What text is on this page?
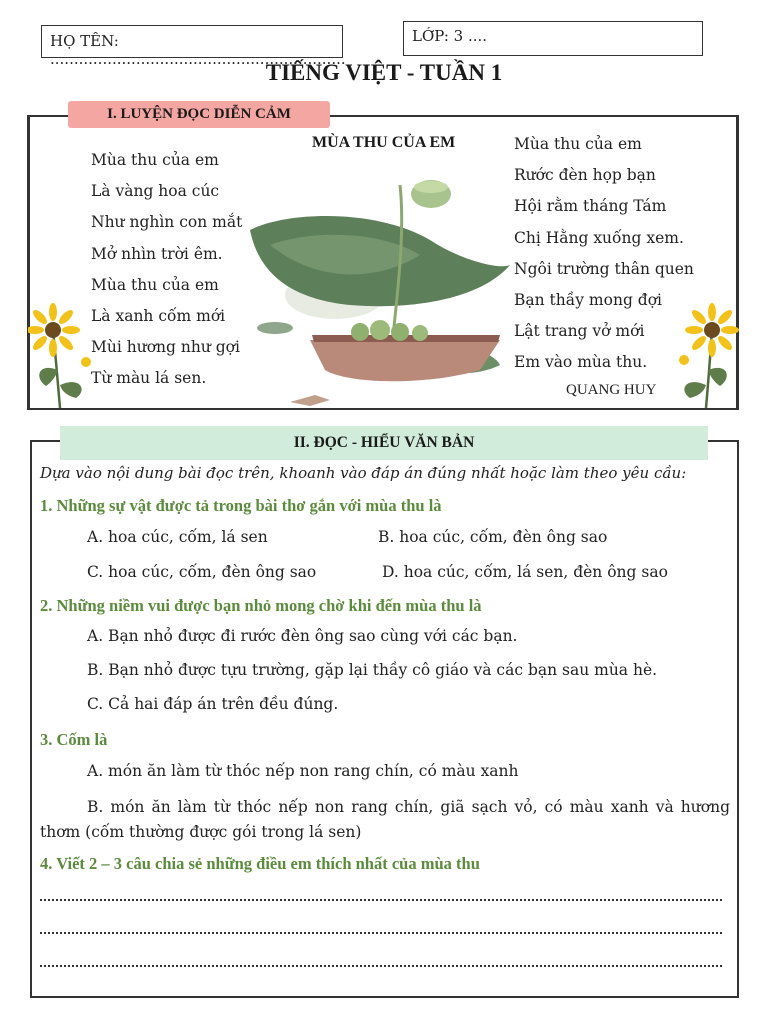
HỌ TÊN: ..............................................................
LỚP: 3 ....
TIẾNG VIỆT - TUẦN 1
I. LUYỆN ĐỌC DIỄN CẢM
MÙA THU CỦA EM
Mùa thu của em
Là vàng hoa cúc
Như nghìn con mắt
Mở nhìn trời êm.
Mùa thu của em
Là xanh cốm mới
Mùi hương như gợi
Từ màu lá sen.
Mùa thu của em
Rước đèn họp bạn
Hội rằm tháng Tám
Chị Hằng xuống xem.
Ngôi trường thân quen
Bạn thầy mong đợi
Lật trang vở mới
Em vào mùa thu.
QUANG HUY
II. ĐỌC - HIỂU VĂN BẢN
Dựa vào nội dung bài đọc trên, khoanh vào đáp án đúng nhất hoặc làm theo yêu cầu:
1. Những sự vật được tả trong bài thơ gắn với mùa thu là
A. hoa cúc, cốm, lá sen	B. hoa cúc, cốm, đèn ông sao
C. hoa cúc, cốm, đèn ông sao	D. hoa cúc, cốm, lá sen, đèn ông sao
2. Những niềm vui được bạn nhỏ mong chờ khi đến mùa thu là
A. Bạn nhỏ được đi rước đèn ông sao cùng với các bạn.
B. Bạn nhỏ được tựu trường, gặp lại thầy cô giáo và các bạn sau mùa hè.
C. Cả hai đáp án trên đều đúng.
3. Cốm là
A. món ăn làm từ thóc nếp non rang chín, có màu xanh
B. món ăn làm từ thóc nếp non rang chín, giã sạch vỏ, có màu xanh và hương thơm (cốm thường được gói trong lá sen)
4. Viết 2 – 3 câu chia sẻ những điều em thích nhất của mùa thu
